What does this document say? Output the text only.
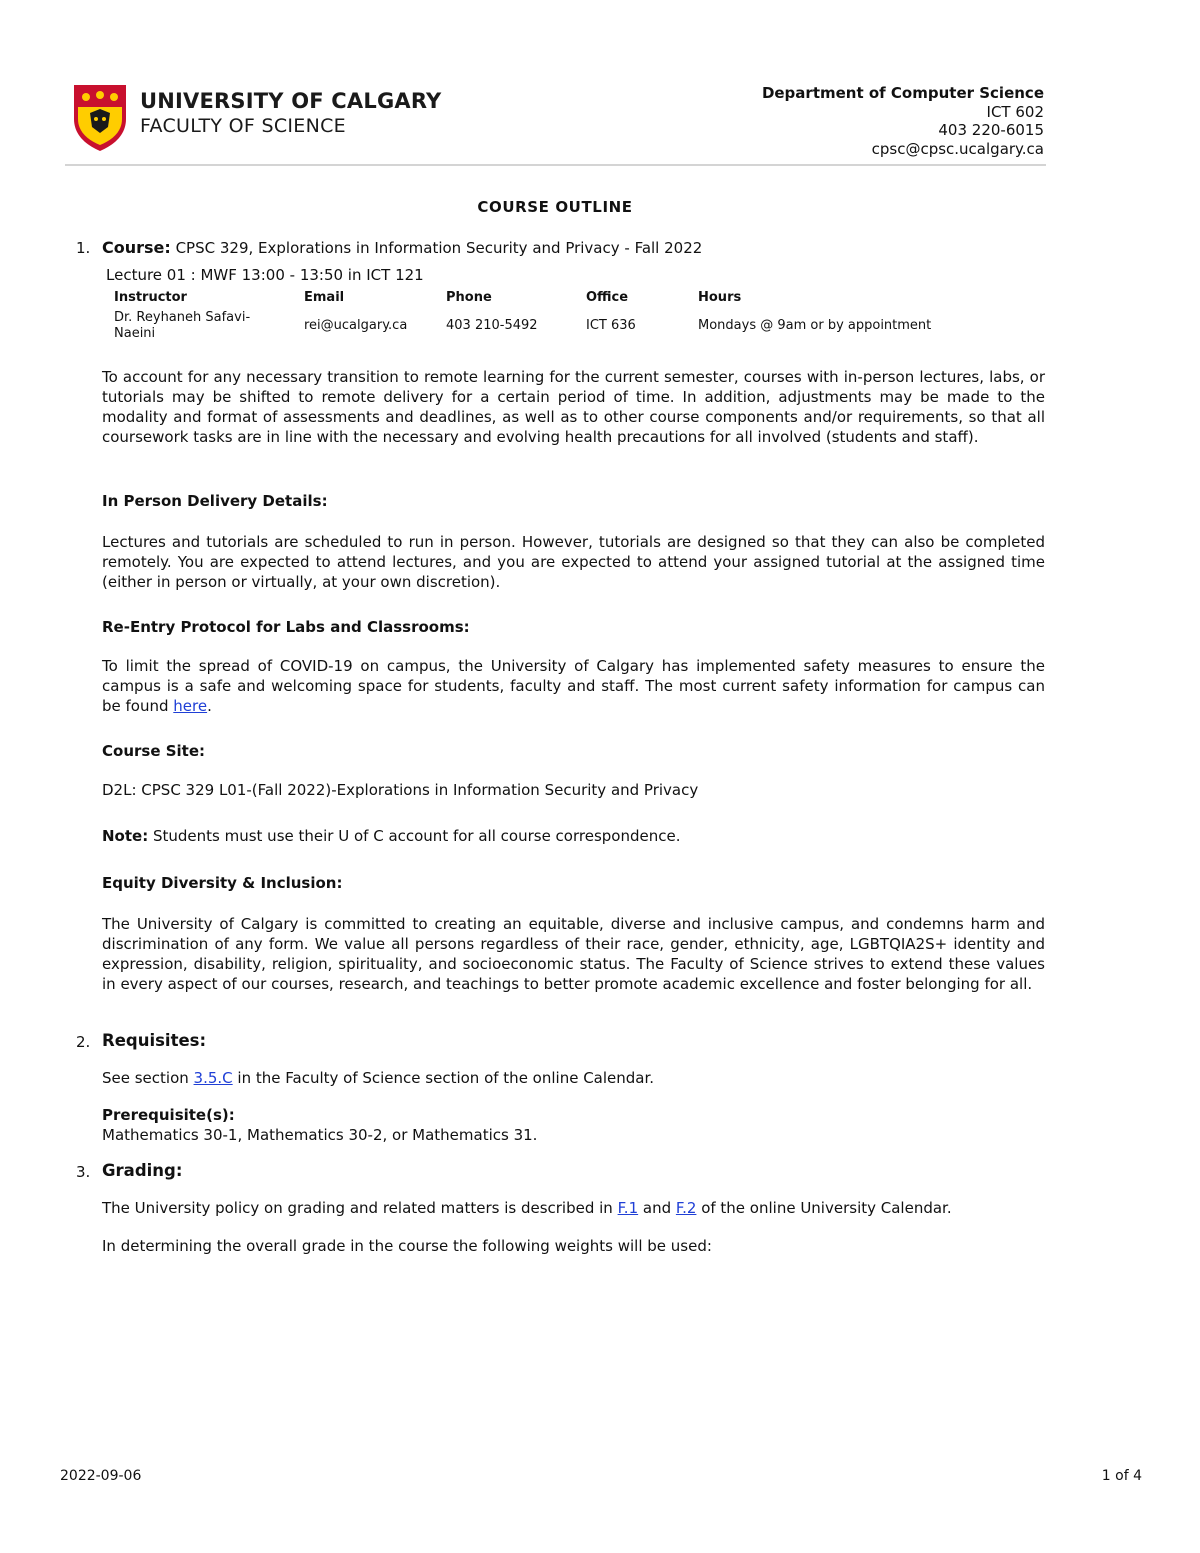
UNIVERSITY OF CALGARY
FACULTY OF SCIENCE
Department of Computer Science
ICT 602
403 220-6015
cpsc@cpsc.ucalgary.ca
COURSE OUTLINE
1. Course: CPSC 329, Explorations in Information Security and Privacy - Fall 2022
Lecture 01 : MWF 13:00 - 13:50 in ICT 121
Instructor	Email	Phone	Office	Hours

Dr. Reyhaneh Safavi-
Naeini	rei@ucalgary.ca	403 210-5492	ICT 636	Mondays @ 9am or by appointment
To account for any necessary transition to remote learning for the current semester, courses with in-person lectures, labs, or tutorials may be shifted to remote delivery for a certain period of time. In addition, adjustments may be made to the modality and format of assessments and deadlines, as well as to other course components and/or requirements, so that all coursework tasks are in line with the necessary and evolving health precautions for all involved (students and staff).
In Person Delivery Details:
Lectures and tutorials are scheduled to run in person. However, tutorials are designed so that they can also be completed remotely. You are expected to attend lectures, and you are expected to attend your assigned tutorial at the assigned time (either in person or virtually, at your own discretion).
Re-Entry Protocol for Labs and Classrooms:
To limit the spread of COVID-19 on campus, the University of Calgary has implemented safety measures to ensure the campus is a safe and welcoming space for students, faculty and staff. The most current safety information for campus can be found here.
Course Site:
D2L: CPSC 329 L01-(Fall 2022)-Explorations in Information Security and Privacy
Note: Students must use their U of C account for all course correspondence.
Equity Diversity & Inclusion:
The University of Calgary is committed to creating an equitable, diverse and inclusive campus, and condemns harm and discrimination of any form. We value all persons regardless of their race, gender, ethnicity, age, LGBTQIA2S+ identity and expression, disability, religion, spirituality, and socioeconomic status. The Faculty of Science strives to extend these values in every aspect of our courses, research, and teachings to better promote academic excellence and foster belonging for all.
2. Requisites:
See section 3.5.C in the Faculty of Science section of the online Calendar.
Prerequisite(s):
Mathematics 30-1, Mathematics 30-2, or Mathematics 31.
3. Grading:
The University policy on grading and related matters is described in F.1 and F.2 of the online University Calendar.
In determining the overall grade in the course the following weights will be used:
2022-09-06	1 of 4
